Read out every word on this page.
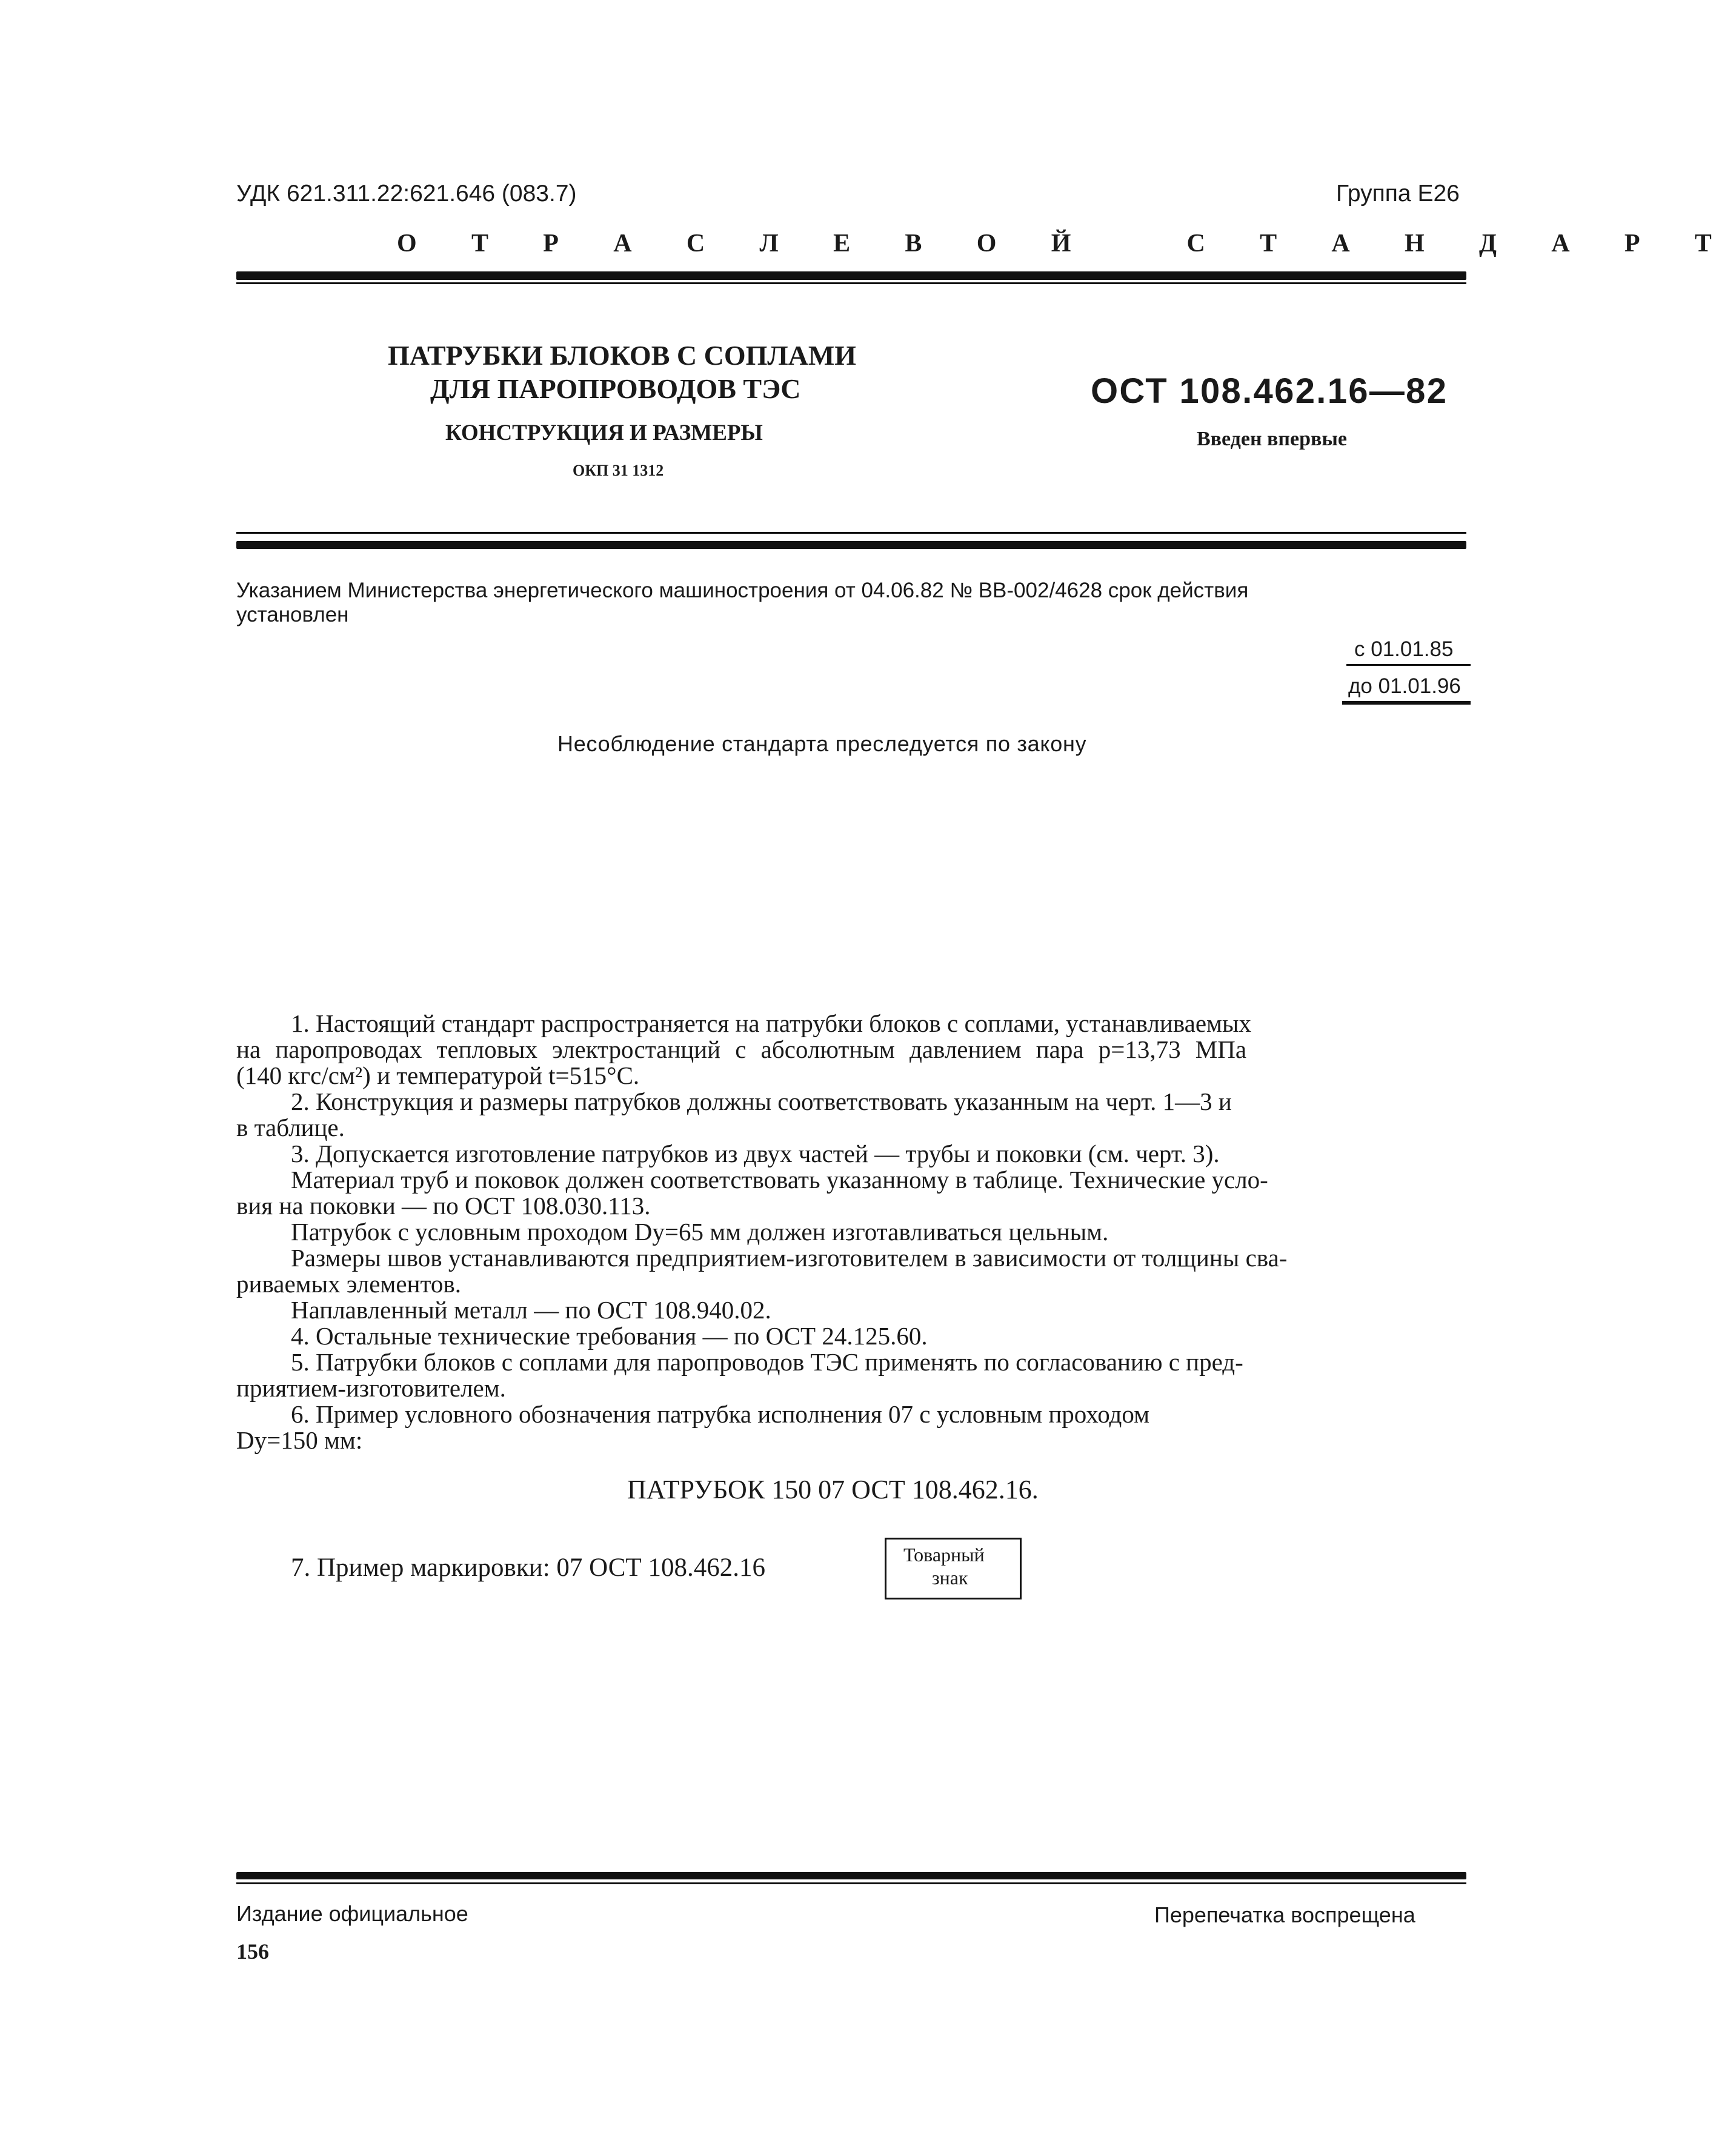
УДК 621.311.22:621.646 (083.7)	Группа Е26
О Т Р А С Л Е В О Й   С Т А Н Д А Р Т
ПАТРУБКИ БЛОКОВ С СОПЛАМИ
ДЛЯ ПАРОПРОВОДОВ ТЭС
КОНСТРУКЦИЯ И РАЗМЕРЫ
ОКП 31 1312
ОСТ 108.462.16—82
Введен впервые
Указанием Министерства энергетического машиностроения от 04.06.82 № ВВ-002/4628 срок действия
установлен
с 01.01.85
до 01.01.96
Несоблюдение стандарта преследуется по закону
1. Настоящий стандарт распространяется на патрубки блоков с соплами, устанавливаемых
на паропроводах тепловых электростанций с абсолютным давлением пара p=13,73 МПа
(140 кгс/см²) и температурой t=515°С.
2. Конструкция и размеры патрубков должны соответствовать указанным на черт. 1—3 и
в таблице.
3. Допускается изготовление патрубков из двух частей — трубы и поковки (см. черт. 3).
Материал труб и поковок должен соответствовать указанному в таблице. Технические усло-
вия на поковки — по ОСТ 108.030.113.
Патрубок с условным проходом Dу=65 мм должен изготавливаться цельным.
Размеры швов устанавливаются предприятием-изготовителем в зависимости от толщины сва-
риваемых элементов.
Наплавленный металл — по ОСТ 108.940.02.
4. Остальные технические требования — по ОСТ 24.125.60.
5. Патрубки блоков с соплами для паропроводов ТЭС применять по согласованию с пред-
приятием-изготовителем.
6. Пример условного обозначения патрубка исполнения 07 с условным проходом
Dу=150 мм:
ПАТРУБОК 150 07 ОСТ 108.462.16.
7. Пример маркировки: 07 ОСТ 108.462.16	Товарный
знак
Издание официальное	Перепечатка воспрещена
156
